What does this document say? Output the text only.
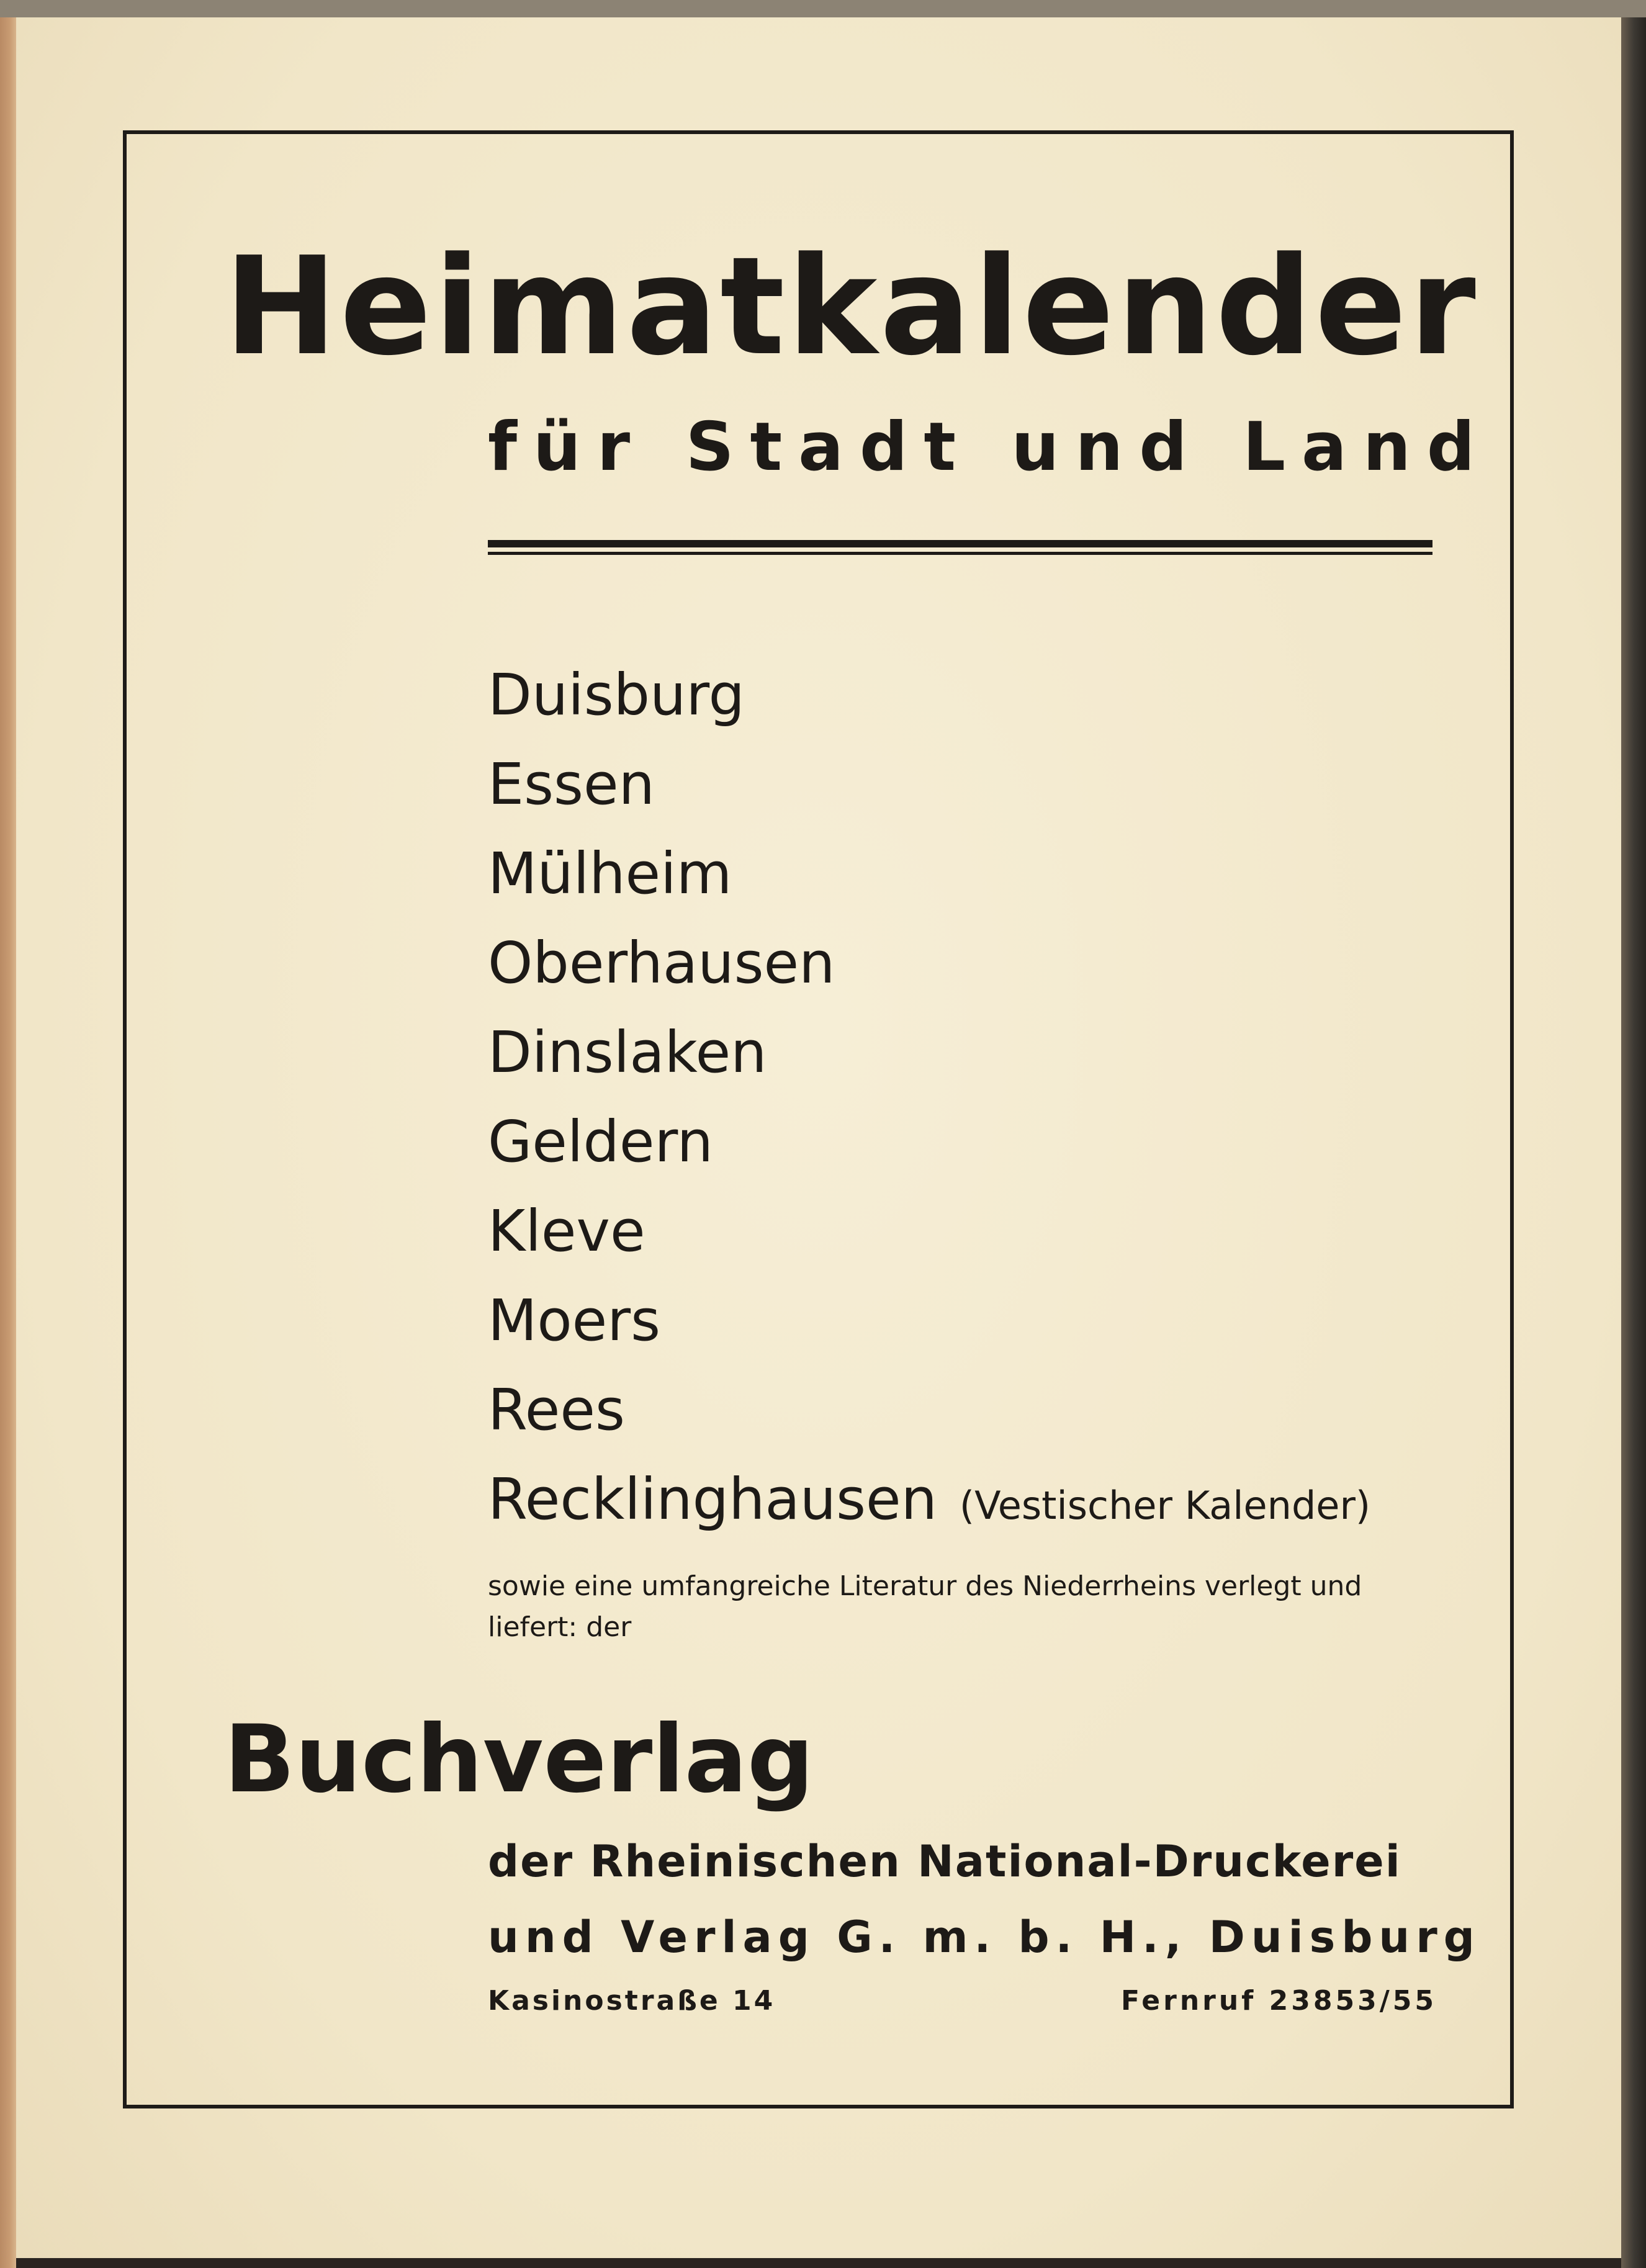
Heimatkalender
für Stadt und Land
Duisburg
Essen
Mülheim
Oberhausen
Dinslaken
Geldern
Kleve
Moers
Rees
Recklinghausen (Vestischer Kalender)
sowie eine umfangreiche Literatur des Niederrheins verlegt und liefert: der
Buchverlag
der Rheinischen National-Druckerei
und Verlag G. m. b. H., Duisburg
Kasinostraße 14	Fernruf 23853/55
